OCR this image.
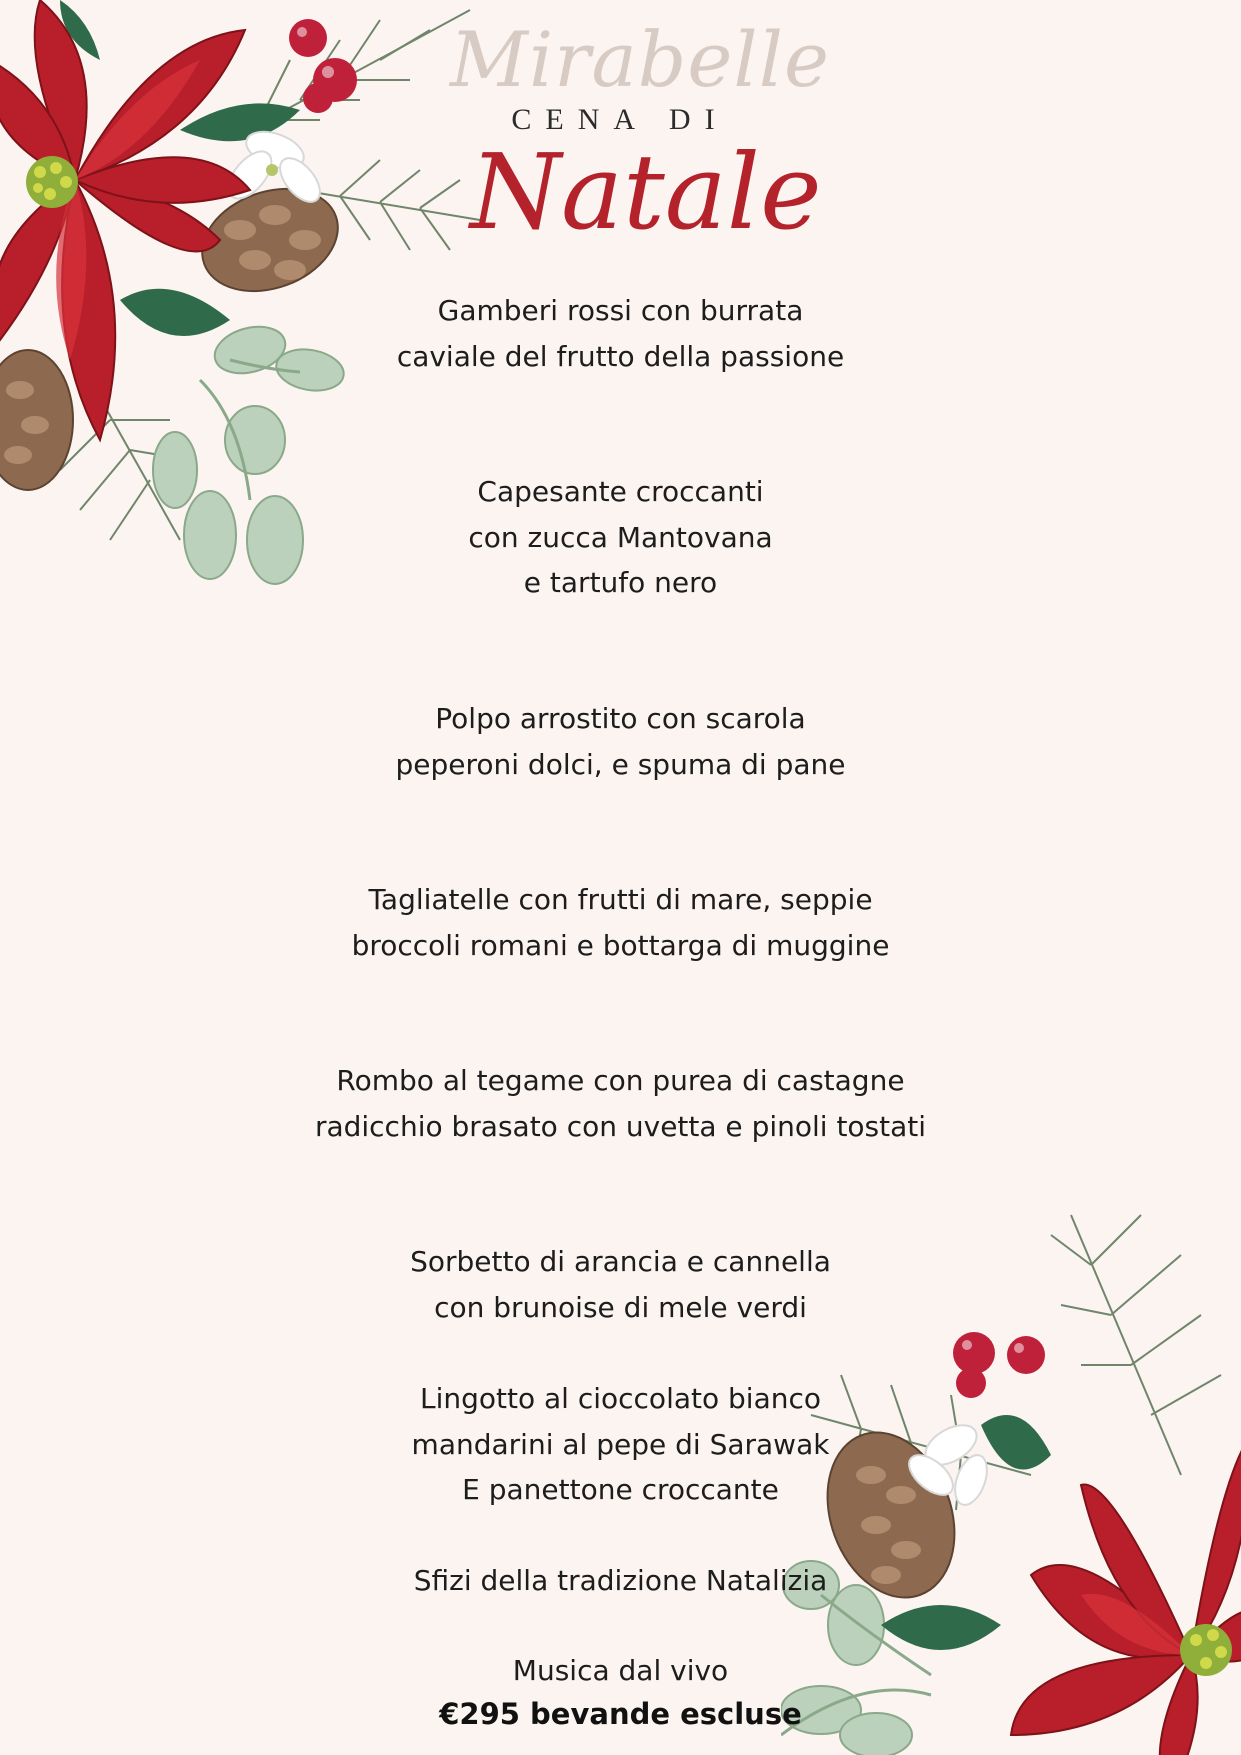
Mirabelle
CENA DI
Natale
Gamberi rossi con burrata
caviale del frutto della passione
Capesante croccanti
con zucca Mantovana
e tartufo nero
Polpo arrostito con scarola
peperoni dolci, e spuma di pane
Tagliatelle con frutti di mare, seppie
broccoli romani e bottarga di muggine
Rombo al tegame con purea di castagne
radicchio brasato con uvetta e pinoli tostati
Sorbetto di arancia e cannella
con brunoise di mele verdi
Lingotto al cioccolato bianco
mandarini al pepe di Sarawak
E panettone croccante
Sfizi della tradizione Natalizia
Musica dal vivo
€295 bevande escluse
